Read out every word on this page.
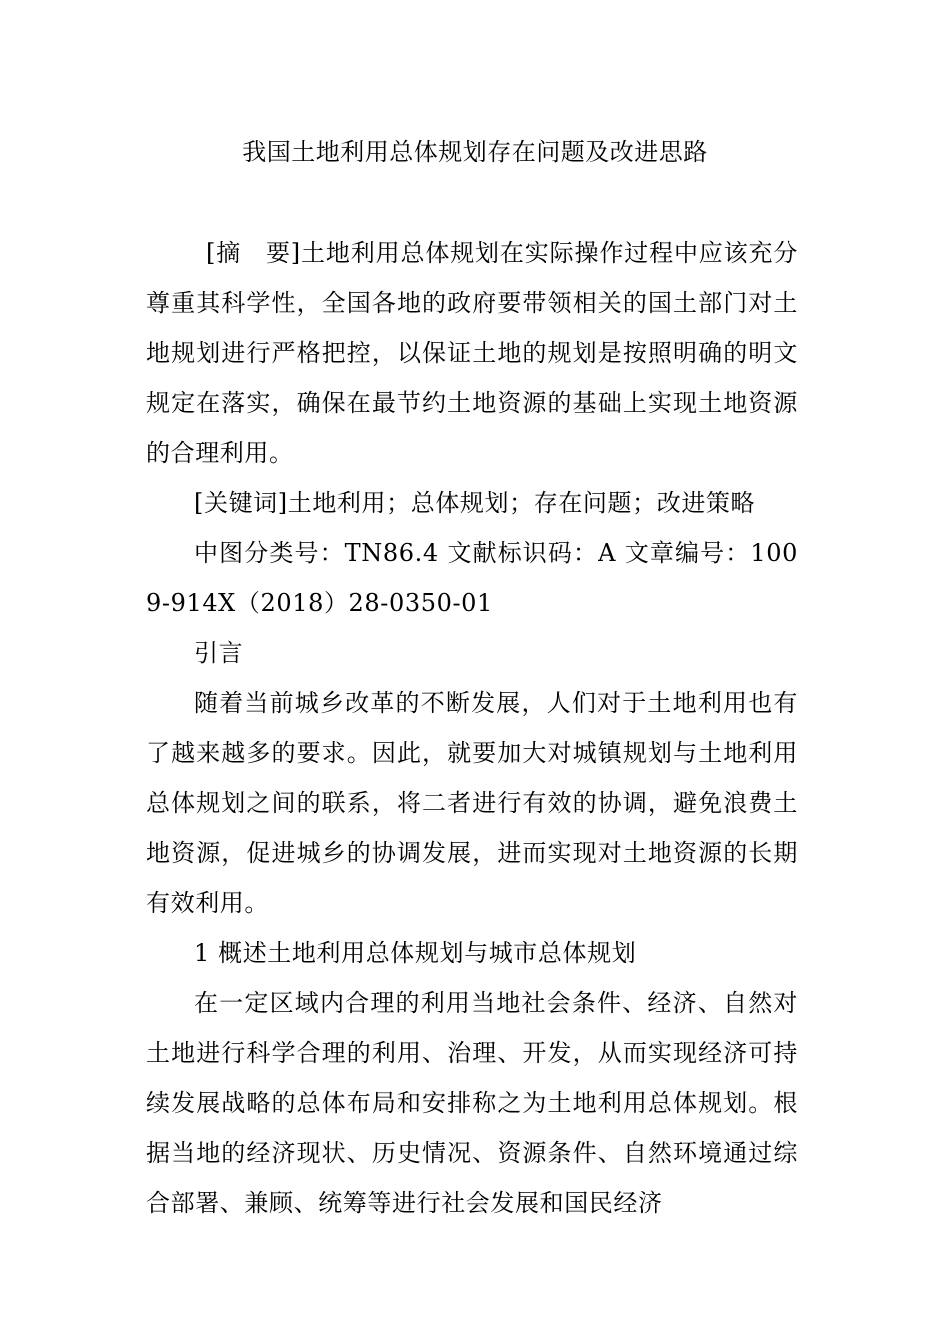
我国土地利用总体规划存在问题及改进思路

[摘　要]土地利用总体规划在实际操作过程中应该充分尊重其科学性，全国各地的政府要带领相关的国土部门对土地规划进行严格把控，以保证土地的规划是按照明确的明文规定在落实，确保在最节约土地资源的基础上实现土地资源的合理利用。

[关键词]土地利用；总体规划；存在问题；改进策略

中图分类号：TN86.4 文献标识码：A 文章编号：1009-914X（2018）28-0350-01

引言

随着当前城乡改革的不断发展，人们对于土地利用也有了越来越多的要求。因此，就要加大对城镇规划与土地利用总体规划之间的联系，将二者进行有效的协调，避免浪费土地资源，促进城乡的协调发展，进而实现对土地资源的长期有效利用。

1 概述土地利用总体规划与城市总体规划

在一定区域内合理的利用当地社会条件、经济、自然对土地进行科学合理的利用、治理、开发，从而实现经济可持续发展战略的总体布局和安排称之为土地利用总体规划。根据当地的经济现状、历史情况、资源条件、自然环境通过综合部署、兼顾、统筹等进行社会发展和国民经济
